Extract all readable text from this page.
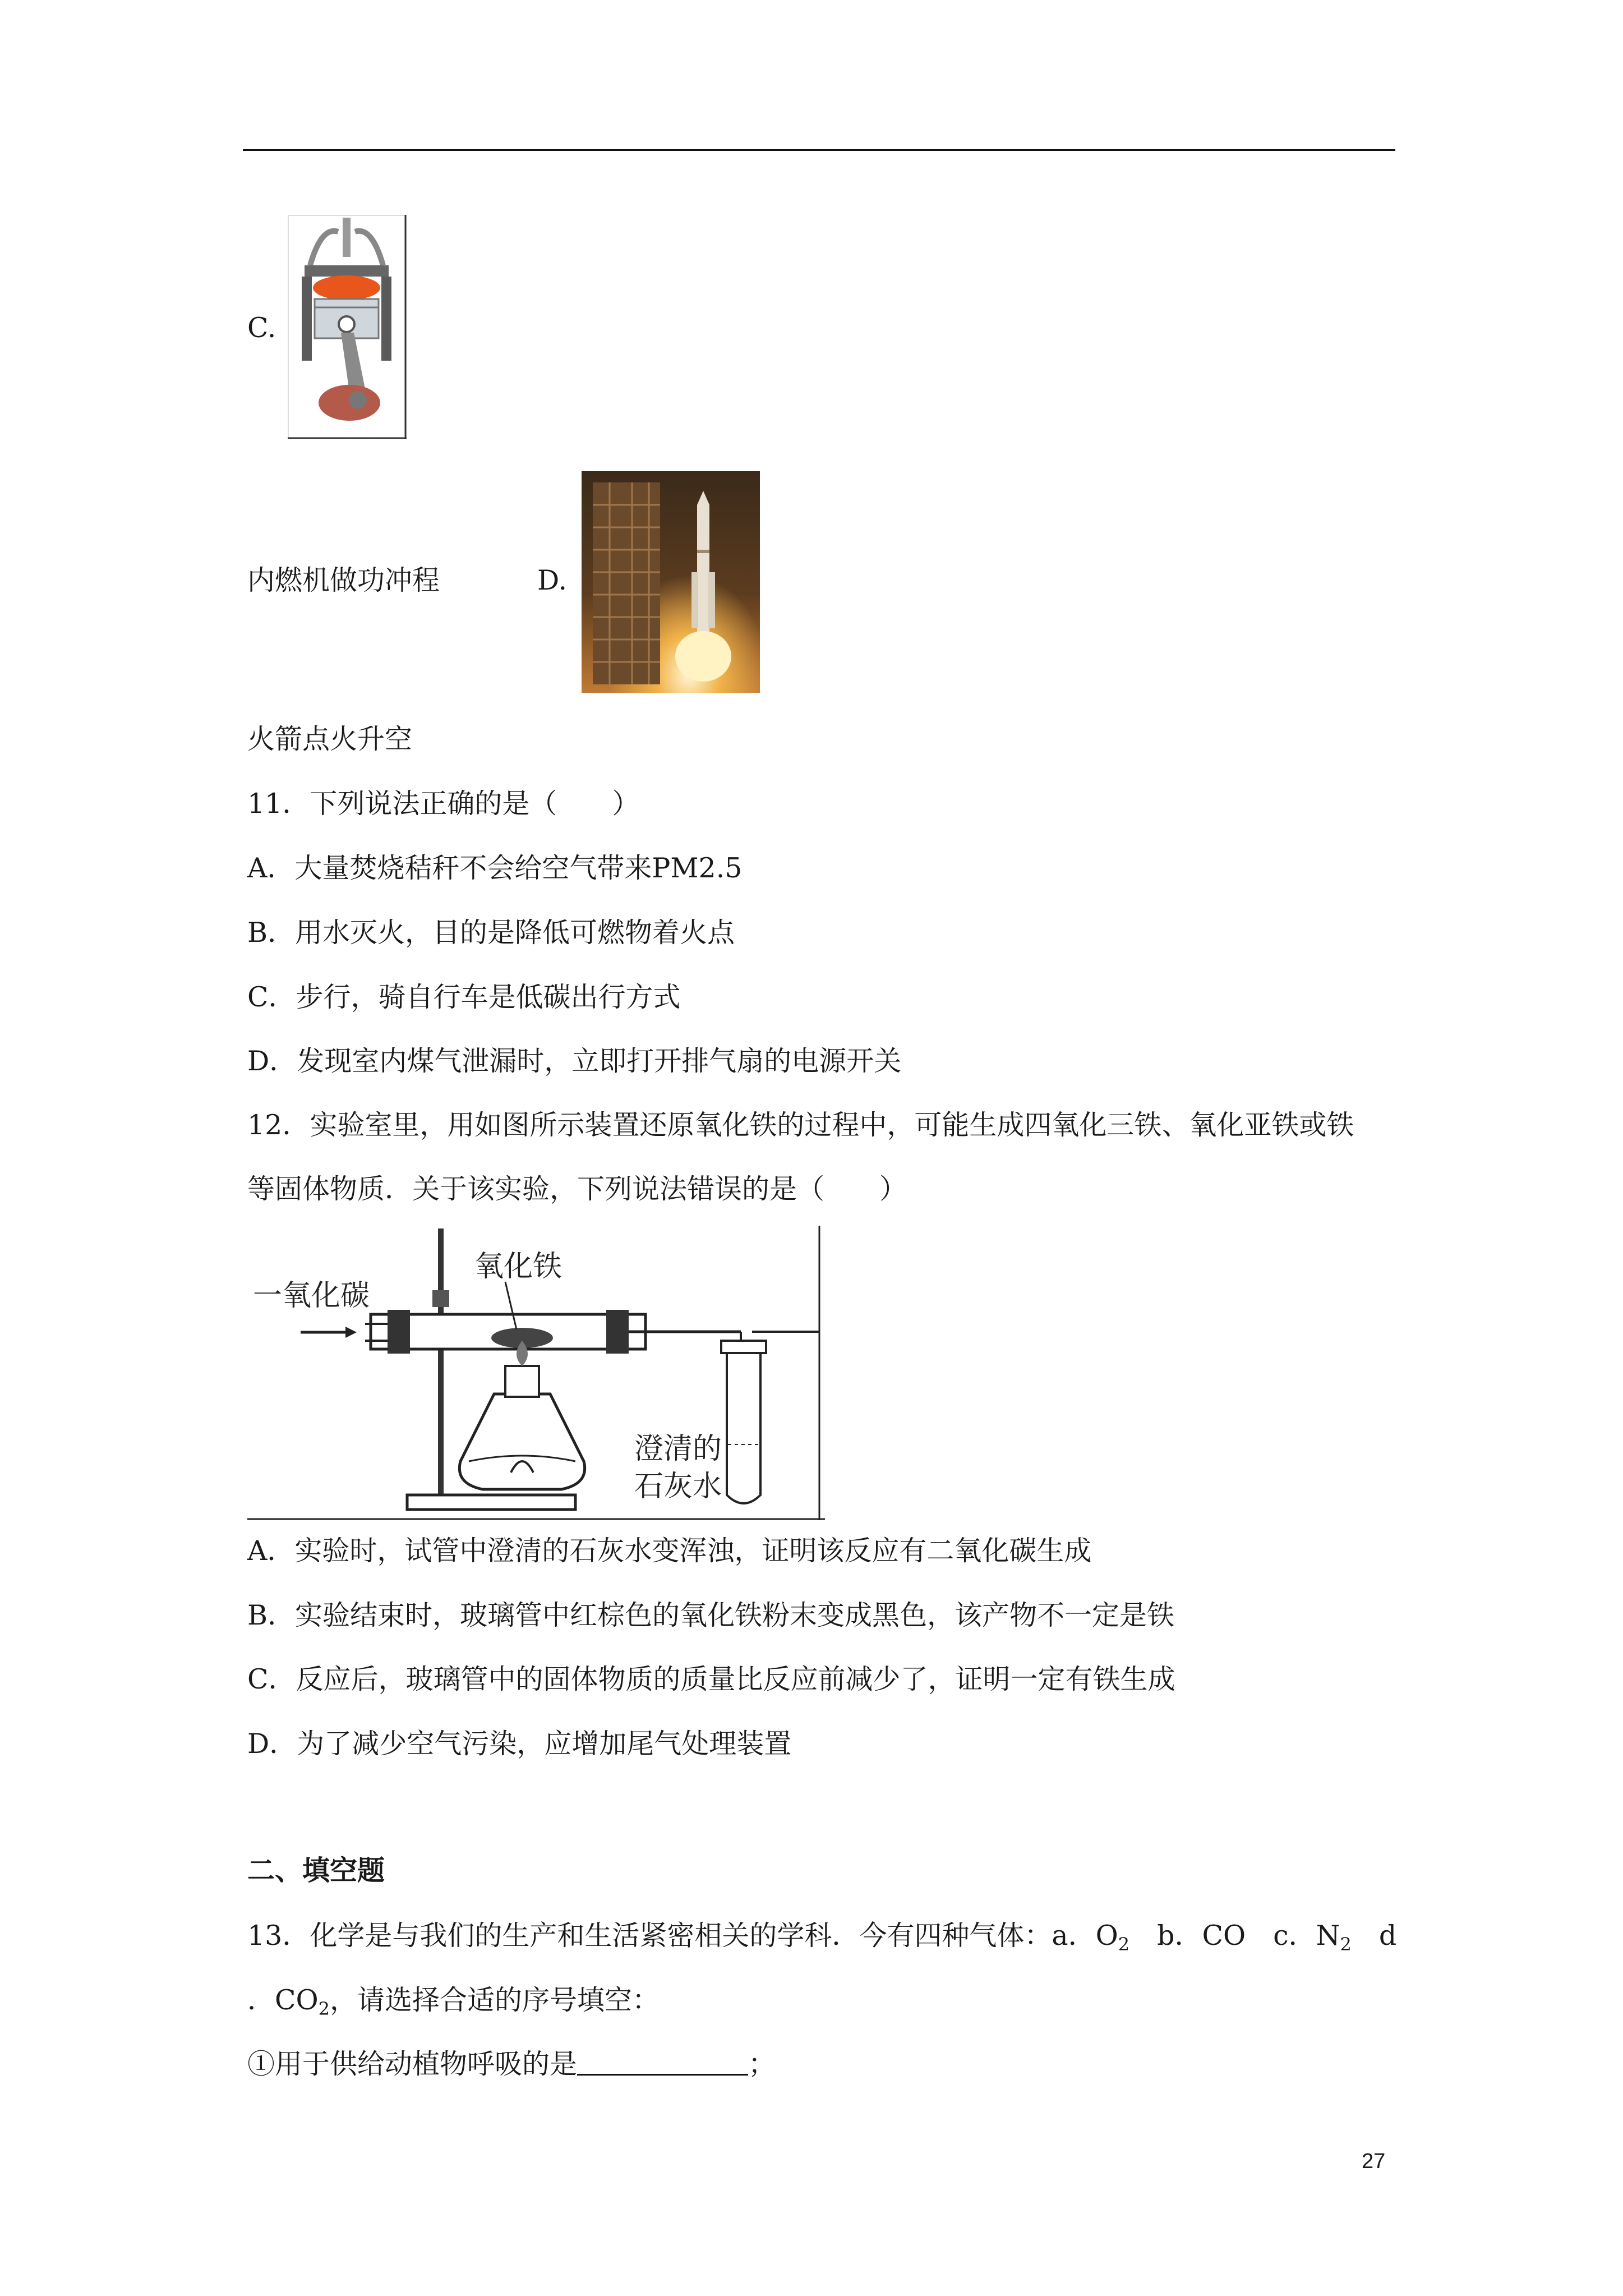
C.
内燃机做功冲程	D.
火箭点火升空
11．下列说法正确的是（　　）
A．大量焚烧秸秆不会给空气带来PM2.5
B．用水灭火，目的是降低可燃物着火点
C．步行，骑自行车是低碳出行方式
D．发现室内煤气泄漏时，立即打开排气扇的电源开关
12．实验室里，用如图所示装置还原氧化铁的过程中，可能生成四氧化三铁、氧化亚铁或铁
等固体物质．关于该实验，下列说法错误的是（　　）
一氧化碳
氧化铁
澄清的
石灰水
A．实验时，试管中澄清的石灰水变浑浊，证明该反应有二氧化碳生成
B．实验结束时，玻璃管中红棕色的氧化铁粉末变成黑色，该产物不一定是铁
C．反应后，玻璃管中的固体物质的质量比反应前减少了，证明一定有铁生成
D．为了减少空气污染，应增加尾气处理装置
二、填空题
13．化学是与我们的生产和生活紧密相关的学科．今有四种气体：a．$O_2$　b．CO　c．$N_2$　d
．$CO_2$，请选择合适的序号填空：
①用于供给动植物呼吸的是	；
27
